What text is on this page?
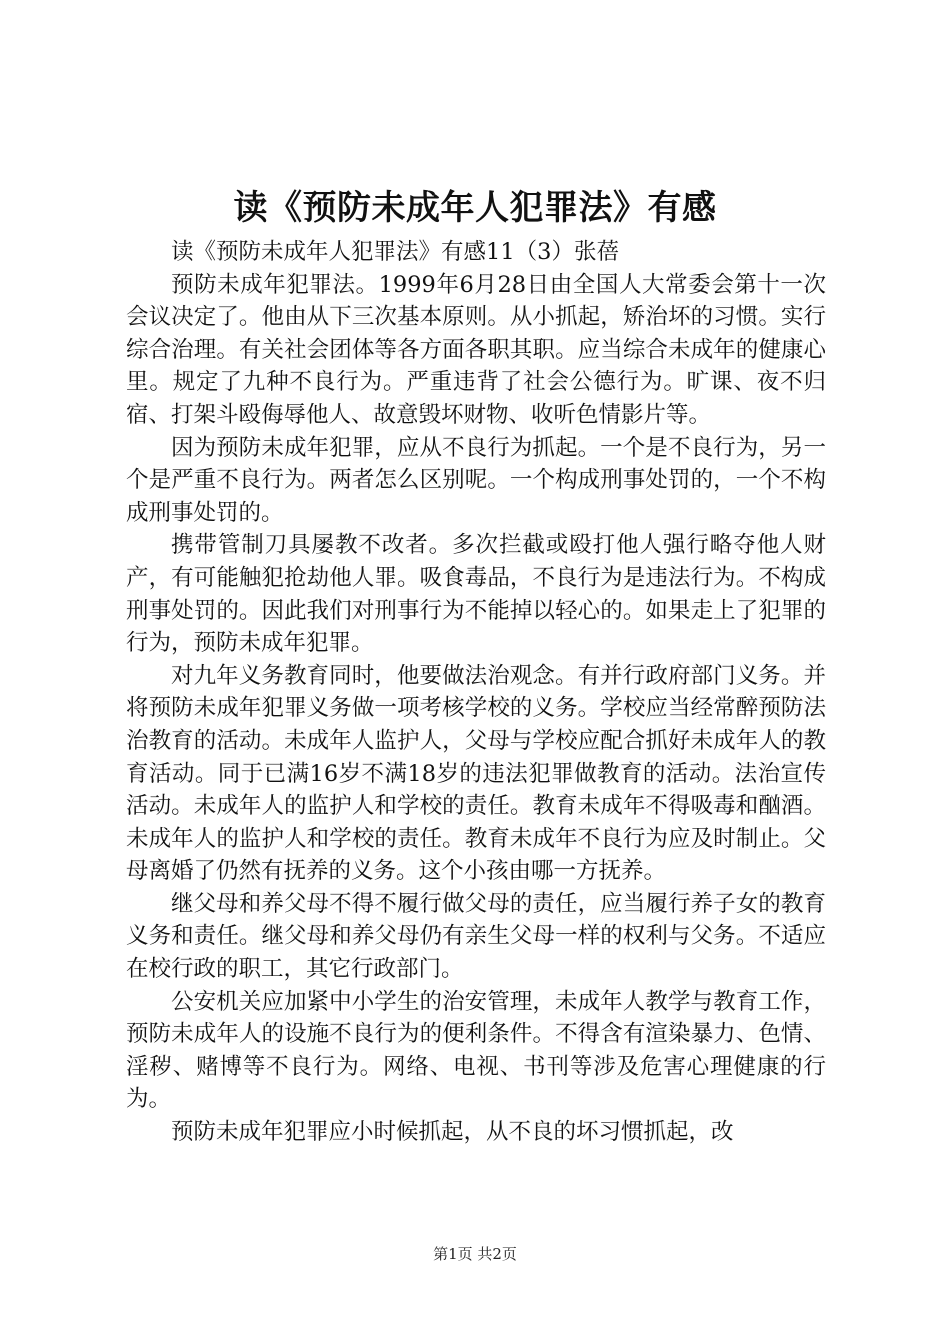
读《预防未成年人犯罪法》有感

读《预防未成年人犯罪法》有感11（3）张蓓

预防未成年犯罪法。1999年6月28日由全国人大常委会第十一次会议决定了。他由从下三次基本原则。从小抓起，矫治坏的习惯。实行综合治理。有关社会团体等各方面各职其职。应当综合未成年的健康心里。规定了九种不良行为。严重违背了社会公德行为。旷课、夜不归宿、打架斗殴侮辱他人、故意毁坏财物、收听色情影片等。

因为预防未成年犯罪，应从不良行为抓起。一个是不良行为，另一个是严重不良行为。两者怎么区别呢。一个构成刑事处罚的，一个不构成刑事处罚的。

携带管制刀具屡教不改者。多次拦截或殴打他人强行略夺他人财产，有可能触犯抢劫他人罪。吸食毒品，不良行为是违法行为。不构成刑事处罚的。因此我们对刑事行为不能掉以轻心的。如果走上了犯罪的行为，预防未成年犯罪。

对九年义务教育同时，他要做法治观念。有并行政府部门义务。并将预防未成年犯罪义务做一项考核学校的义务。学校应当经常醉预防法治教育的活动。未成年人监护人，父母与学校应配合抓好未成年人的教育活动。同于已满16岁不满18岁的违法犯罪做教育的活动。法治宣传活动。未成年人的监护人和学校的责任。教育未成年不得吸毒和酗酒。未成年人的监护人和学校的责任。教育未成年不良行为应及时制止。父母离婚了仍然有抚养的义务。这个小孩由哪一方抚养。

继父母和养父母不得不履行做父母的责任，应当履行养子女的教育义务和责任。继父母和养父母仍有亲生父母一样的权利与父务。不适应在校行政的职工，其它行政部门。

公安机关应加紧中小学生的治安管理，未成年人教学与教育工作，预防未成年人的设施不良行为的便利条件。不得含有渲染暴力、色情、淫秽、赌博等不良行为。网络、电视、书刊等涉及危害心理健康的行为。

预防未成年犯罪应小时候抓起，从不良的坏习惯抓起，改

第1页 共2页
